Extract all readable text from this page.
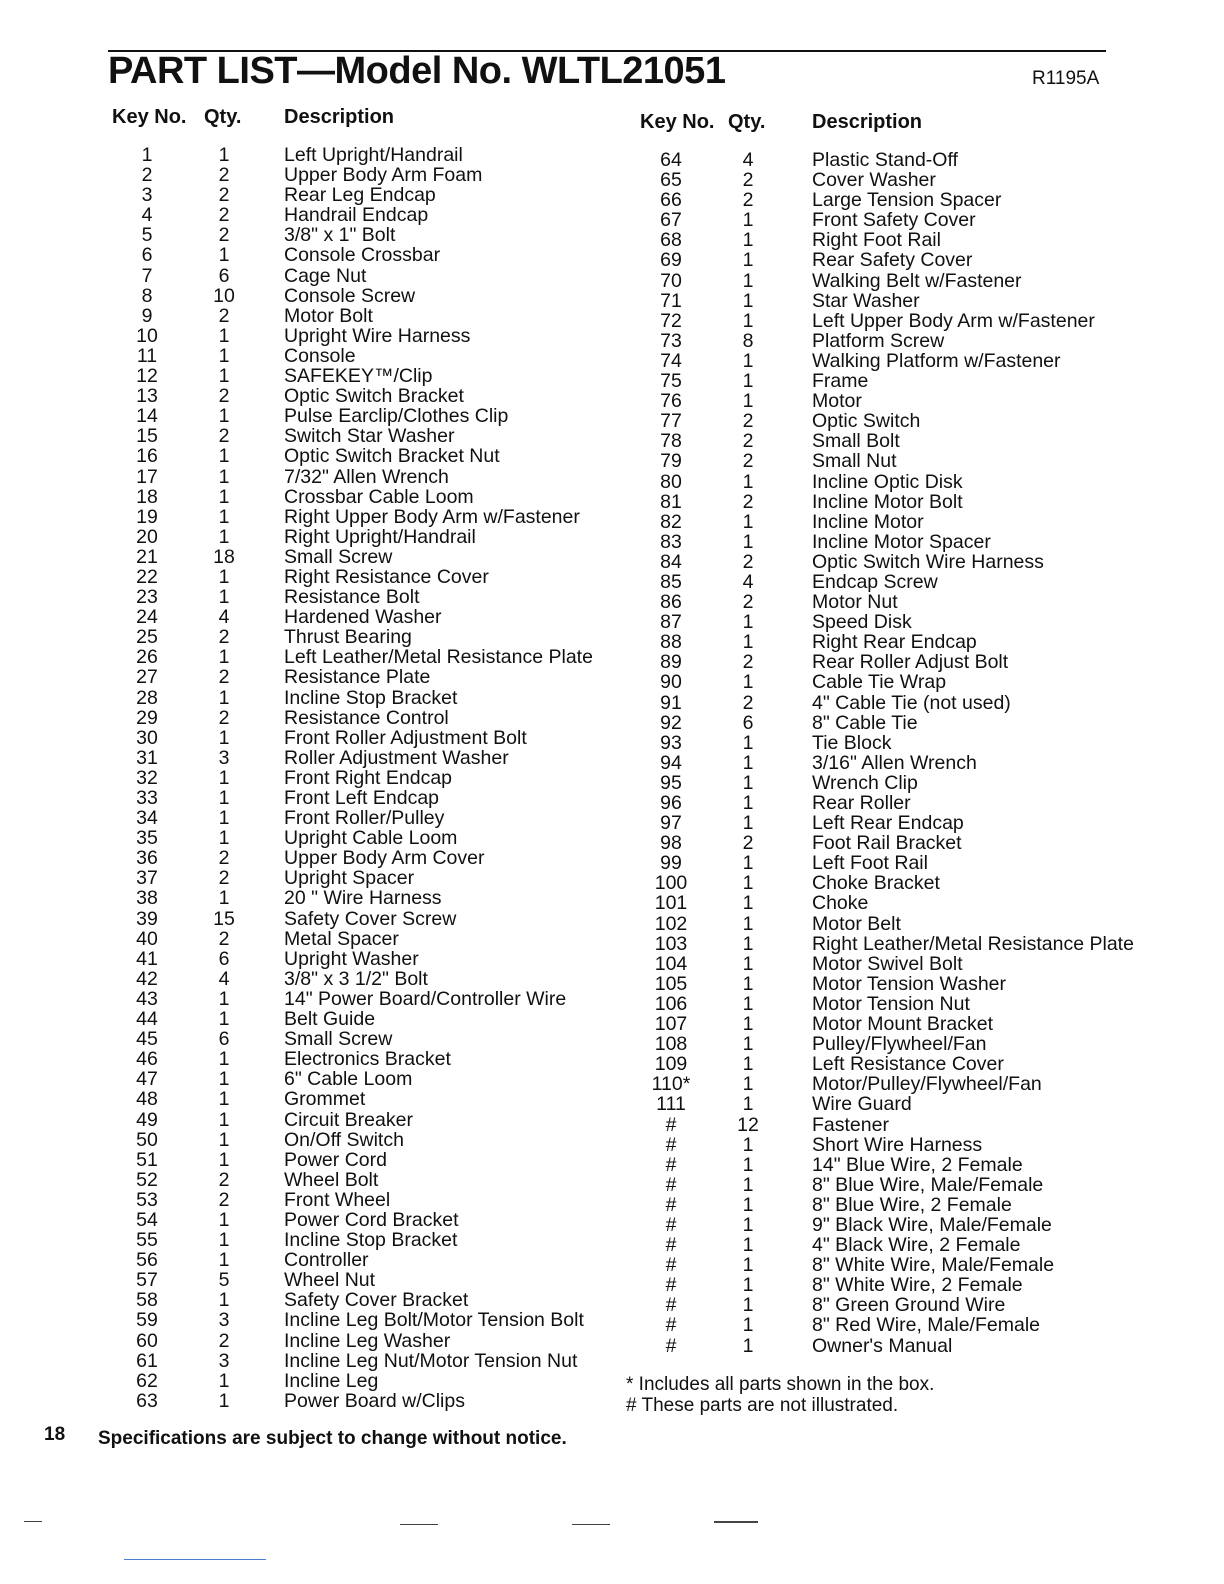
PART LIST—Model No. WLTL21051	R1195A
Key No. Qty. Description
1	1	Left Upright/Handrail
2	2	Upper Body Arm Foam
3	2	Rear Leg Endcap
4	2	Handrail Endcap
5	2	3/8" x 1" Bolt
6	1	Console Crossbar
7	6	Cage Nut
8	10	Console Screw
9	2	Motor Bolt
10	1	Upright Wire Harness
11	1	Console
12	1	SAFEKEY™/Clip
13	2	Optic Switch Bracket
14	1	Pulse Earclip/Clothes Clip
15	2	Switch Star Washer
16	1	Optic Switch Bracket Nut
17	1	7/32" Allen Wrench
18	1	Crossbar Cable Loom
19	1	Right Upper Body Arm w/Fastener
20	1	Right Upright/Handrail
21	18	Small Screw
22	1	Right Resistance Cover
23	1	Resistance Bolt
24	4	Hardened Washer
25	2	Thrust Bearing
26	1	Left Leather/Metal Resistance Plate
27	2	Resistance Plate
28	1	Incline Stop Bracket
29	2	Resistance Control
30	1	Front Roller Adjustment Bolt
31	3	Roller Adjustment Washer
32	1	Front Right Endcap
33	1	Front Left Endcap
34	1	Front Roller/Pulley
35	1	Upright Cable Loom
36	2	Upper Body Arm Cover
37	2	Upright Spacer
38	1	20 " Wire Harness
39	15	Safety Cover Screw
40	2	Metal Spacer
41	6	Upright Washer
42	4	3/8" x 3 1/2" Bolt
43	1	14" Power Board/Controller Wire
44	1	Belt Guide
45	6	Small Screw
46	1	Electronics Bracket
47	1	6" Cable Loom
48	1	Grommet
49	1	Circuit Breaker
50	1	On/Off Switch
51	1	Power Cord
52	2	Wheel Bolt
53	2	Front Wheel
54	1	Power Cord Bracket
55	1	Incline Stop Bracket
56	1	Controller
57	5	Wheel Nut
58	1	Safety Cover Bracket
59	3	Incline Leg Bolt/Motor Tension Bolt
60	2	Incline Leg Washer
61	3	Incline Leg Nut/Motor Tension Nut
62	1	Incline Leg
63	1	Power Board w/Clips
Key No. Qty. Description
64	4	Plastic Stand-Off
65	2	Cover Washer
66	2	Large Tension Spacer
67	1	Front Safety Cover
68	1	Right Foot Rail
69	1	Rear Safety Cover
70	1	Walking Belt w/Fastener
71	1	Star Washer
72	1	Left Upper Body Arm w/Fastener
73	8	Platform Screw
74	1	Walking Platform w/Fastener
75	1	Frame
76	1	Motor
77	2	Optic Switch
78	2	Small Bolt
79	2	Small Nut
80	1	Incline Optic Disk
81	2	Incline Motor Bolt
82	1	Incline Motor
83	1	Incline Motor Spacer
84	2	Optic Switch Wire Harness
85	4	Endcap Screw
86	2	Motor Nut
87	1	Speed Disk
88	1	Right Rear Endcap
89	2	Rear Roller Adjust Bolt
90	1	Cable Tie Wrap
91	2	4" Cable Tie (not used)
92	6	8" Cable Tie
93	1	Tie Block
94	1	3/16" Allen Wrench
95	1	Wrench Clip
96	1	Rear Roller
97	1	Left Rear Endcap
98	2	Foot Rail Bracket
99	1	Left Foot Rail
100	1	Choke Bracket
101	1	Choke
102	1	Motor Belt
103	1	Right Leather/Metal Resistance Plate
104	1	Motor Swivel Bolt
105	1	Motor Tension Washer
106	1	Motor Tension Nut
107	1	Motor Mount Bracket
108	1	Pulley/Flywheel/Fan
109	1	Left Resistance Cover
110*	1	Motor/Pulley/Flywheel/Fan
111	1	Wire Guard
#	12	Fastener
#	1	Short Wire Harness
#	1	14" Blue Wire, 2 Female
#	1	8" Blue Wire, Male/Female
#	1	8" Blue Wire, 2 Female
#	1	9" Black Wire, Male/Female
#	1	4" Black Wire, 2 Female
#	1	8" White Wire, Male/Female
#	1	8" White Wire, 2 Female
#	1	8" Green Ground Wire
#	1	8" Red Wire, Male/Female
#	1	Owner's Manual
* Includes all parts shown in the box.
# These parts are not illustrated.
18 Specifications are subject to change without notice.
